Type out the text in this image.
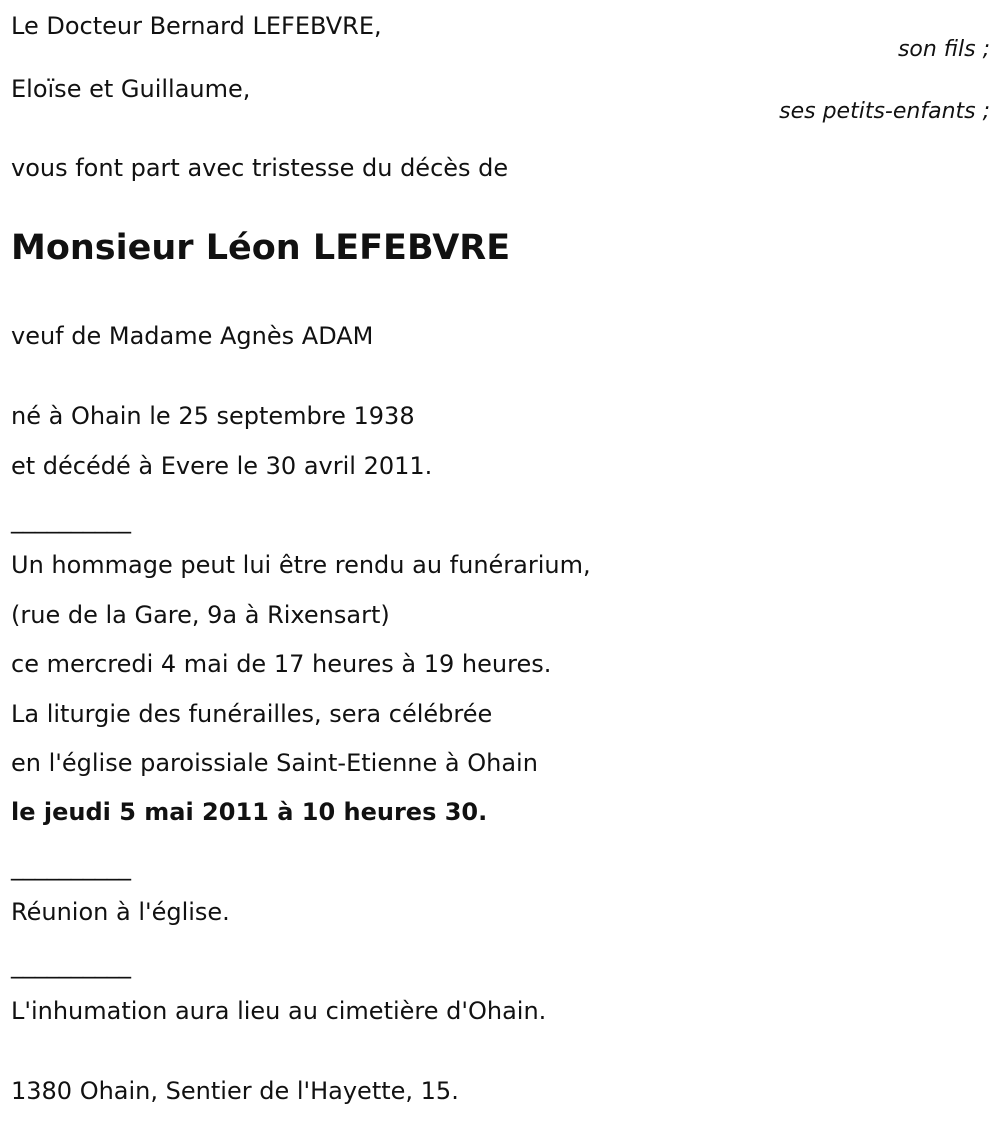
Le Docteur Bernard LEFEBVRE,
son fils ;
Eloïse et Guillaume,
ses petits-enfants ;
vous font part avec tristesse du décès de
Monsieur Léon LEFEBVRE
veuf de Madame Agnès ADAM
né à Ohain le 25 septembre 1938
et décédé à Evere le 30 avril 2011.
__________
Un hommage peut lui être rendu au funérarium,
(rue de la Gare, 9a à Rixensart)
ce mercredi 4 mai de 17 heures à 19 heures.
La liturgie des funérailles, sera célébrée
en l'église paroissiale Saint-Etienne à Ohain
le jeudi 5 mai 2011 à 10 heures 30.
__________
Réunion à l'église.
__________
L'inhumation aura lieu au cimetière d'Ohain.
1380 Ohain, Sentier de l'Hayette, 15.
